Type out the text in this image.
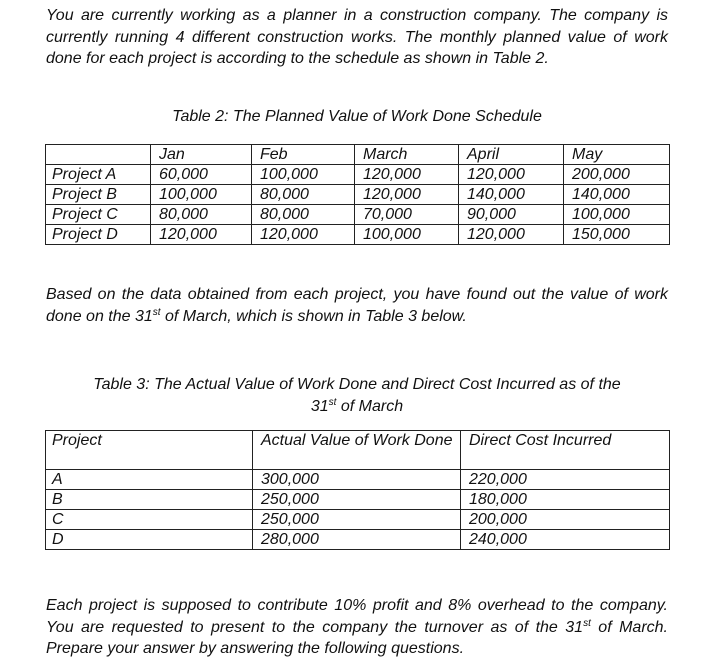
You are currently working as a planner in a construction company. The company is currently running 4 different construction works. The monthly planned value of work done for each project is according to the schedule as shown in Table 2.

Table 2: The Planned Value of Work Done Schedule

	Jan	Feb	March	April	May
Project A	60,000	100,000	120,000	120,000	200,000
Project B	100,000	80,000	120,000	140,000	140,000
Project C	80,000	80,000	70,000	90,000	100,000
Project D	120,000	120,000	100,000	120,000	150,000

Based on the data obtained from each project, you have found out the value of work done on the 31st of March, which is shown in Table 3 below.

Table 3: The Actual Value of Work Done and Direct Cost Incurred as of the
31st of March

Project	Actual Value of Work Done	Direct Cost Incurred
A	300,000	220,000
B	250,000	180,000
C	250,000	200,000
D	280,000	240,000

Each project is supposed to contribute 10% profit and 8% overhead to the company. You are requested to present to the company the turnover as of the 31st of March. Prepare your answer by answering the following questions.
